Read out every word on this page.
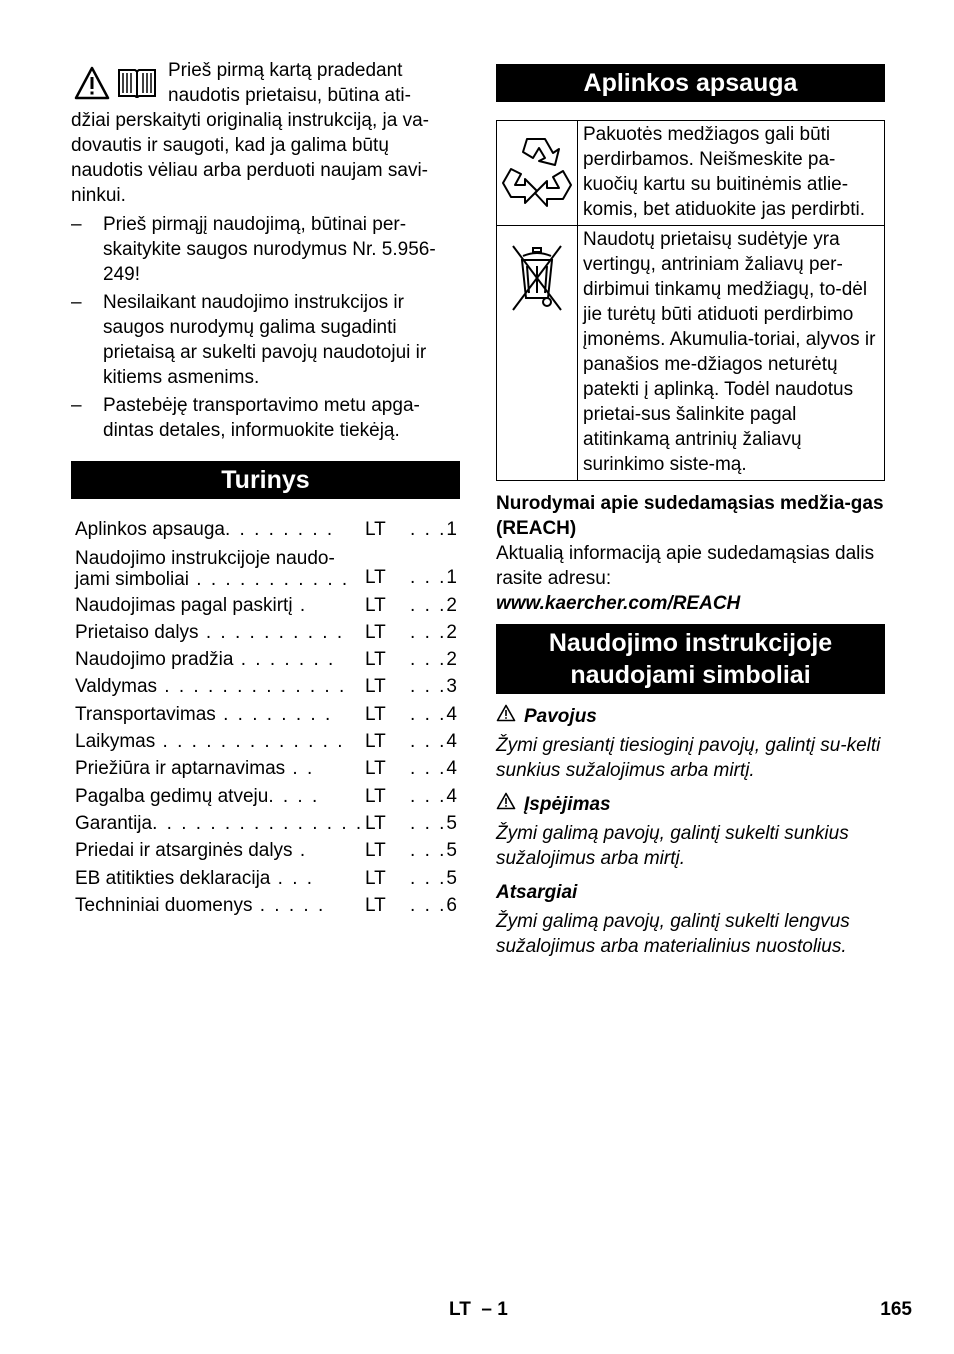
Prieš pirmą kartą pradedant

naudotis prietaisu, būtina ati-

džiai perskaityti originalią instrukciją, ja va-dovautis ir saugoti, kad ja galima būtų naudotis vėliau arba perduoti naujam savi-ninkui.

– Prieš pirmąjį naudojimą, būtinai per-skaitykite saugos nurodymus Nr. 5.956-249!
– Nesilaikant naudojimo instrukcijos ir saugos nurodymų galima sugadinti prietaisą ar sukelti pavojų naudotojui ir kitiems asmenims.
– Pastebėję transportavimo metu apga-dintas detales, informuokite tiekėją.
Turinys
Aplinkos apsauga. . . . . . . .	LT	. . .1
Naudojimo instrukcijoje naudo-jami simboliai . . . . . . . . . . . LT	. . .1
Naudojimas pagal paskirtį .	LT	. . .2
Prietaiso dalys . . . . . . . . . .	LT	. . .2
Naudojimo pradžia . . . . . . .	LT	. . .2
Valdymas . . . . . . . . . . . . . LT	. . .3
Transportavimas . . . . . . . .	LT	. . .4
Laikymas . . . . . . . . . . . . .	LT	. . .4
Priežiūra ir aptarnavimas . .	LT	. . .4
Pagalba gedimų atveju. . . .	LT	. . .4
Garantija. . . . . . . . . . . . . . . LT	. . .5
Priedai ir atsarginės dalys .	LT	. . .5
EB atitikties deklaracija . . .	LT	. . .5
Techniniai duomenys . . . . .	LT	. . .6
Aplinkos apsauga
	Pakuotės medžiagos gali būti perdirbamos. Neišmeskite pa-kuočių kartu su buitinėmis atlie-komis, bet atiduokite jas perdirbti.
	Naudotų prietaisų sudėtyje yra vertingų, antriniam žaliavų per-dirbimui tinkamų medžiagų, to-dėl jie turėtų būti atiduoti perdirbimo įmonėms. Akumulia-toriai, alyvos ir panašios me-džiagos neturėtų patekti į aplinką. Todėl naudotus prietai-sus šalinkite pagal atitinkamą antrinių žaliavų surinkimo siste-mą.
Nurodymai apie sudedamąsias medžia-gas (REACH)

Aktualią informaciją apie sudedamąsias dalis rasite adresu:

www.kaercher.com/REACH
Naudojimo instrukcijoje naudojami simboliai
Pavojus
Žymi gresiantį tiesioginį pavojų, galintį su-kelti sunkius sužalojimus arba mirtį.
Įspėjimas
Žymi galimą pavojų, galintį sukelti sunkius sužalojimus arba mirtį.
Atsargiai
Žymi galimą pavojų, galintį sukelti lengvus sužalojimus arba materialinius nuostolius.
LT  – 1	165
